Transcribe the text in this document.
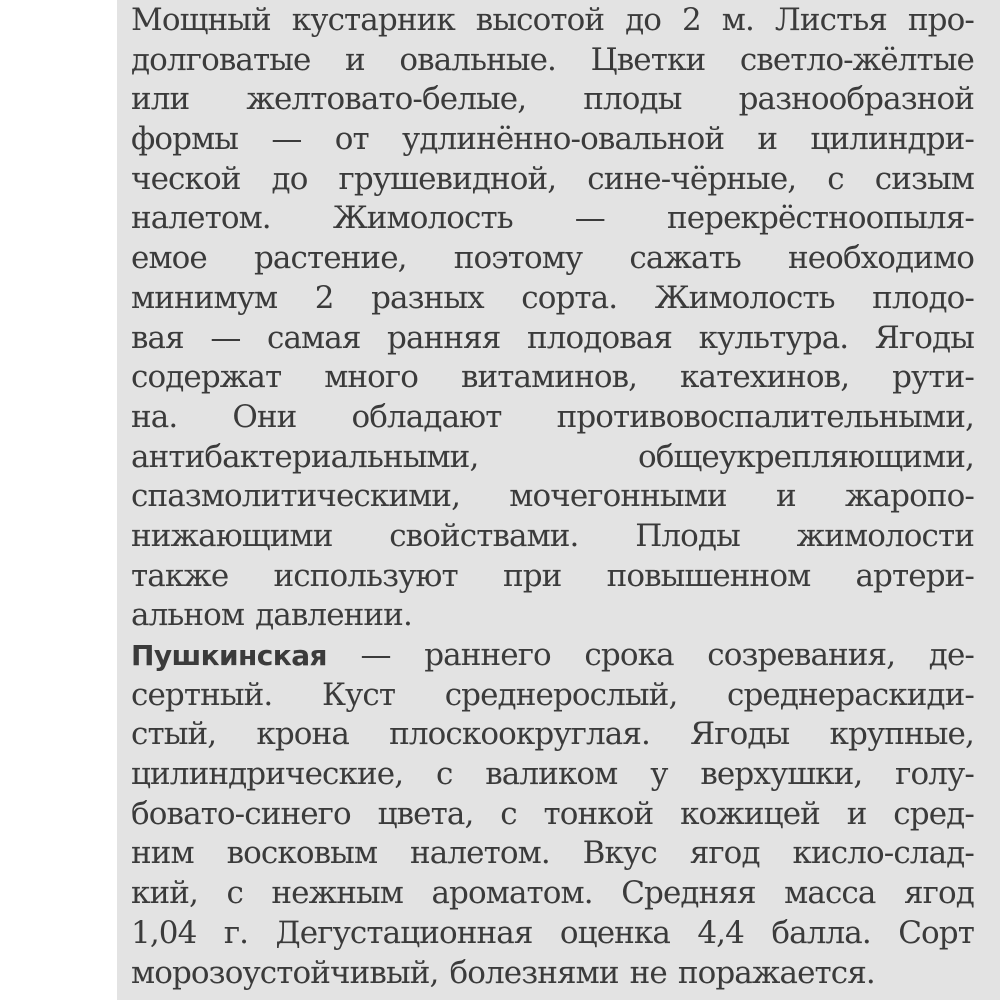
Мощный кустарник высотой до 2 м. Листья про-
долговатые и овальные. Цветки светло-жёлтые
или желтовато-белые, плоды разнообразной
формы — от удлинённо-овальной и цилиндри-
ческой до грушевидной, сине-чёрные, с сизым
налетом. Жимолость — перекрёстноопыля-
емое растение, поэтому сажать необходимо
минимум 2 разных сорта. Жимолость плодо-
вая — самая ранняя плодовая культура. Ягоды
содержат много витаминов, катехинов, рути-
на. Они обладают противовоспалительными,
антибактериальными,	общеукрепляющими,
спазмолитическими, мочегонными и жаропо-
нижающими свойствами. Плоды жимолости
также используют при повышенном артери-
альном давлении.
Пушкинская — раннего срока созревания, де-
сертный. Куст среднерослый, среднераскиди-
стый, крона плоскоокруглая. Ягоды крупные,
цилиндрические, с валиком у верхушки, голу-
бовато-синего цвета, с тонкой кожицей и сред-
ним восковым налетом. Вкус ягод кисло-слад-
кий, с нежным ароматом. Средняя масса ягод
1,04 г. Дегустационная оценка 4,4 балла. Сорт
морозоустойчивый, болезнями не поражается.
